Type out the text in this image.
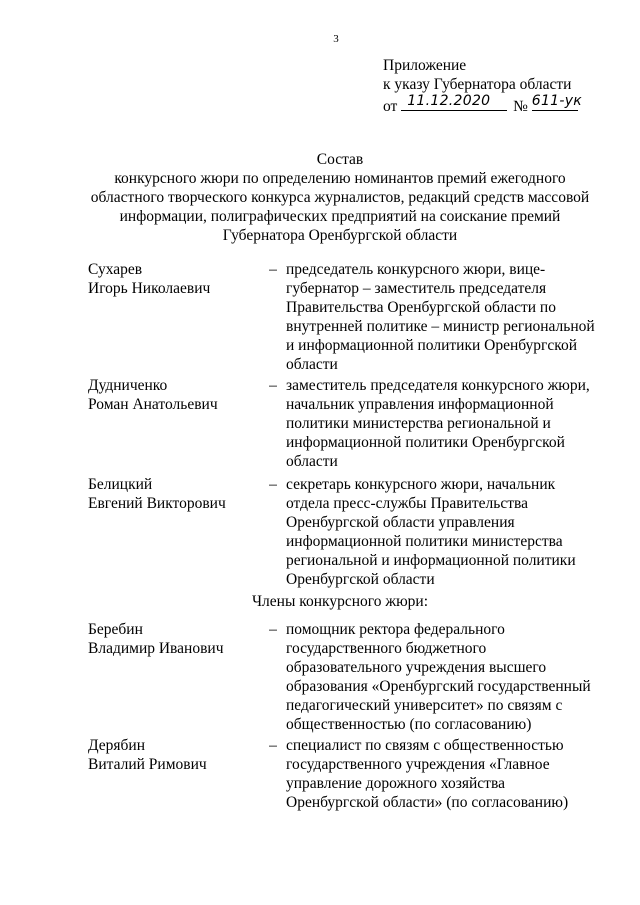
3
Приложение
к указу Губернатора области
от 11.12.2020 № 611-ук
Состав
конкурсного жюри по определению номинантов премий ежегодного
областного творческого конкурса журналистов, редакций средств массовой
информации, полиграфических предприятий на соискание премий
Губернатора Оренбургской области
Сухарев
Игорь Николаевич
– председатель конкурсного жюри, вице-
губернатор – заместитель председателя
Правительства Оренбургской области по
внутренней политике – министр региональной
и информационной политики Оренбургской
области
Дудниченко
Роман Анатольевич
– заместитель председателя конкурсного жюри,
начальник управления информационной
политики министерства региональной и
информационной политики Оренбургской
области
Белицкий
Евгений Викторович
– секретарь конкурсного жюри, начальник
отдела пресс-службы Правительства
Оренбургской области управления
информационной политики министерства
региональной и информационной политики
Оренбургской области
Члены конкурсного жюри:
Беребин
Владимир Иванович
– помощник ректора федерального
государственного бюджетного
образовательного учреждения высшего
образования «Оренбургский государственный
педагогический университет» по связям с
общественностью (по согласованию)
Дерябин
Виталий Римович
– специалист по связям с общественностью
государственного учреждения «Главное
управление дорожного хозяйства
Оренбургской области» (по согласованию)
